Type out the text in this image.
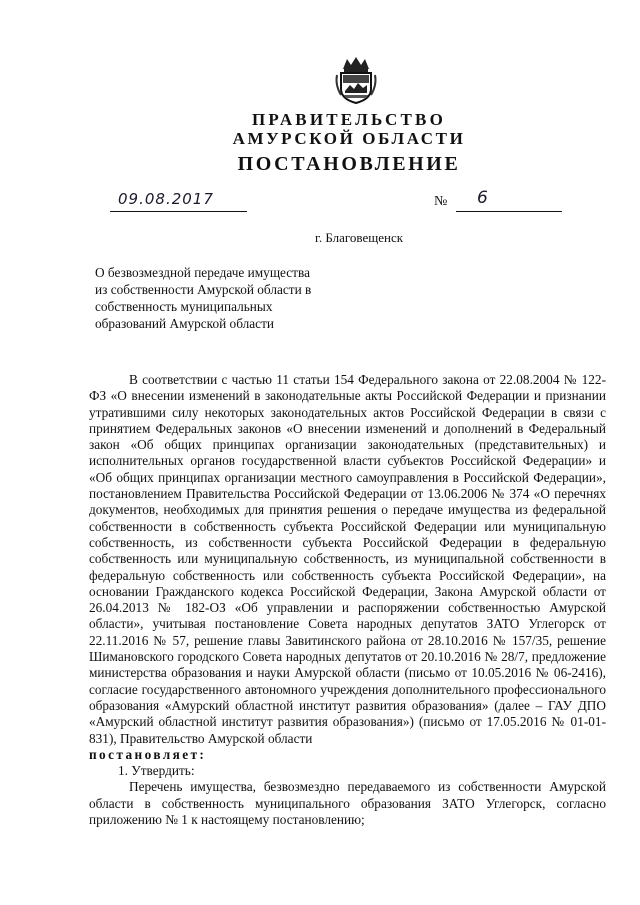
ПРАВИТЕЛЬСТВО
АМУРСКОЙ ОБЛАСТИ
ПОСТАНОВЛЕНИЕ
09.08.2017	№ 6
г. Благовещенск
О безвозмездной передаче имущества
из собственности Амурской области в
собственность муниципальных
образований Амурской области

В соответствии с частью 11 статьи 154 Федерального закона от 22.08.2004 № 122-ФЗ «О внесении изменений в законодательные акты Российской Федерации и признании утратившими силу некоторых законодательных актов Российской Федерации в связи с принятием Федеральных законов «О внесении изменений и дополнений в Федеральный закон «Об общих принципах организации законодательных (представительных) и исполнительных органов государственной власти субъектов Российской Федерации» и «Об общих принципах организации местного самоуправления в Российской Федерации», постановлением Правительства Российской Федерации от 13.06.2006 № 374 «О перечнях документов, необходимых для принятия решения о передаче имущества из федеральной собственности в собственность субъекта Российской Федерации или муниципальную собственность, из собственности субъекта Российской Федерации в федеральную собственность или муниципальную собственность, из муниципальной собственности в федеральную собственность или собственность субъекта Российской Федерации», на основании Гражданского кодекса Российской Федерации, Закона Амурской области от 26.04.2013 № 182-ОЗ «Об управлении и распоряжении собственностью Амурской области», учитывая постановление Совета народных депутатов ЗАТО Углегорск от 22.11.2016 № 57, решение главы Завитинского района от 28.10.2016 № 157/35, решение Шимановского городского Совета народных депутатов от 20.10.2016 № 28/7, предложение министерства образования и науки Амурской области (письмо от 10.05.2016 № 06-2416), согласие государственного автономного учреждения дополнительного профессионального образования «Амурский областной институт развития образования» (далее – ГАУ ДПО «Амурский областной институт развития образования») (письмо от 17.05.2016 № 01-01-831), Правительство Амурской области

постановляет:

1. Утвердить:

Перечень имущества, безвозмездно передаваемого из собственности Амурской области в собственность муниципального образования ЗАТО Углегорск, согласно приложению № 1 к настоящему постановлению;
